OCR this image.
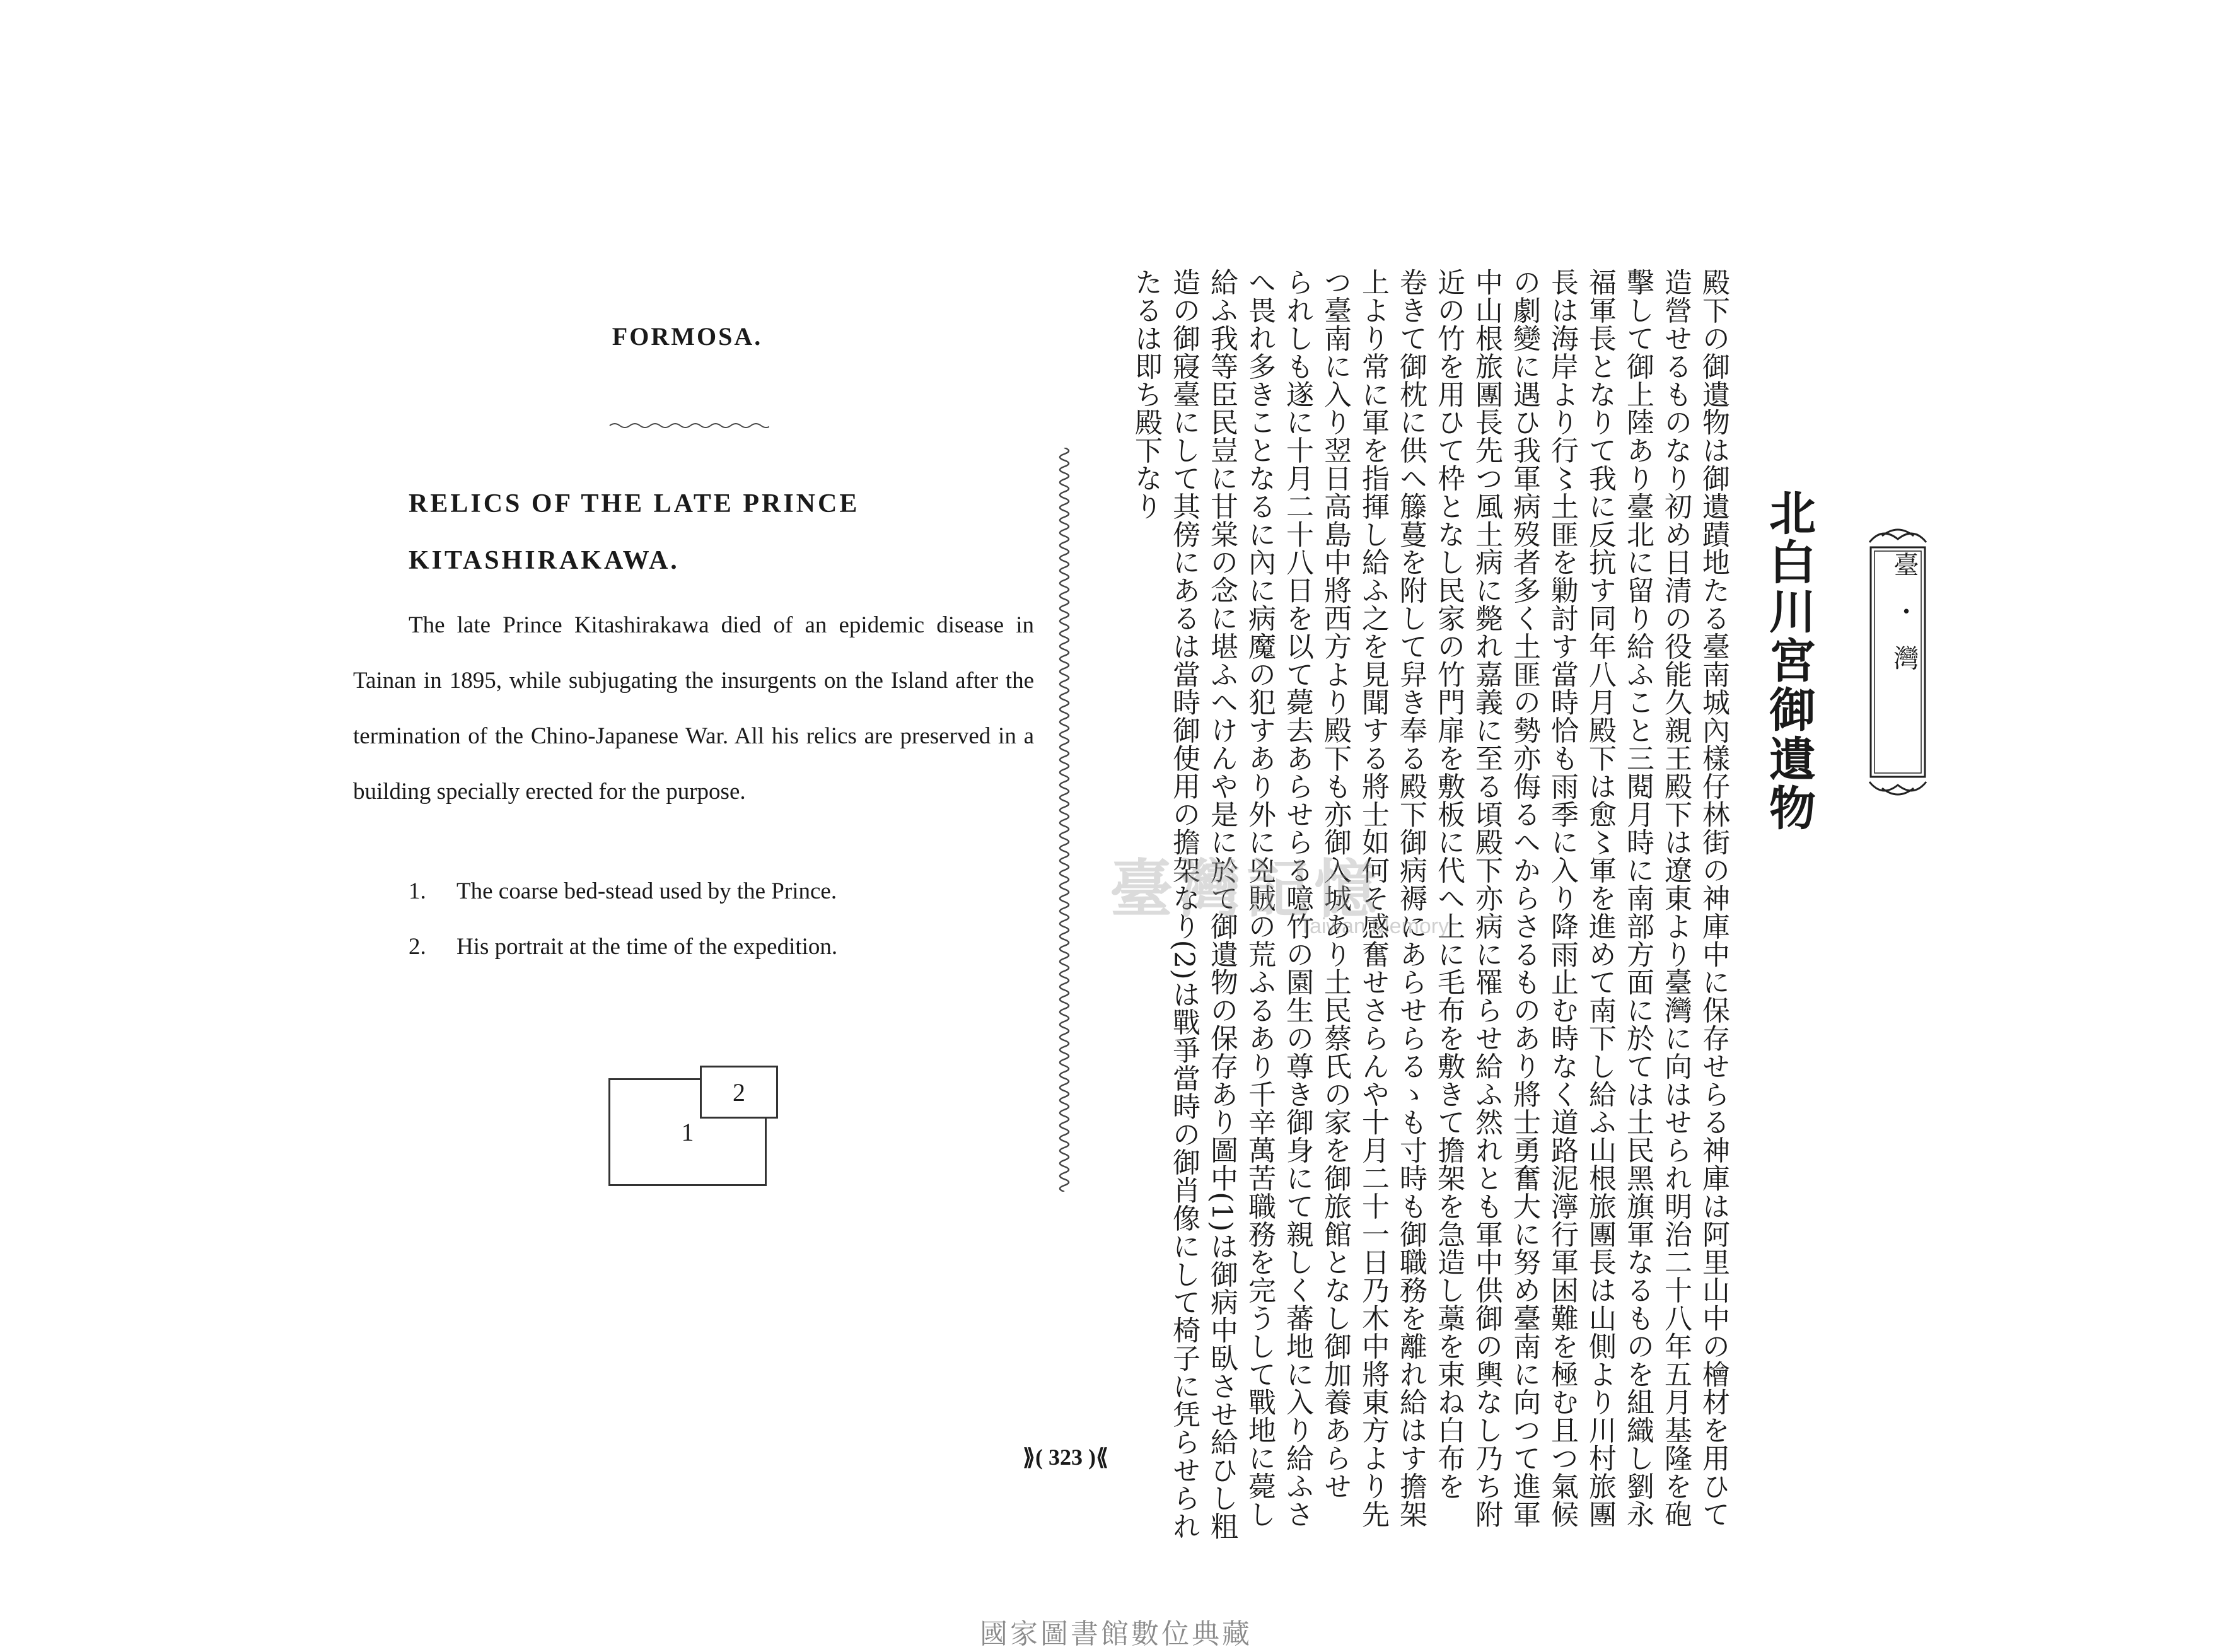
FORMOSA.
RELICS OF THE LATE PRINCE
KITASHIRAKAWA.
The late Prince Kitashirakawa died of an epidemic disease in Tainan in 1895, while subjugating the insurgents on the Island after the termination of the Chino-Japanese War. All his relics are preserved in a building specially erected for the purpose.
1. The coarse bed-stead used by the Prince.
2. His portrait at the time of the expedition.
1
2
臺・灣
北白川宮御遺物
殿下の御遺物は御遺蹟地たる臺南城內樣仔林街の神庫中に保存せらる神庫は阿里山中の檜材を用ひて
造營せるものなり初め日清の役能久親王殿下は遼東より臺灣に向はせられ明治二十八年五月基隆を砲
擊して御上陸あり臺北に留り給ふこと三閱月時に南部方面に於ては土民黑旗軍なるものを組織し劉永
福軍長となりて我に反抗す同年八月殿下は愈〻軍を進めて南下し給ふ山根旅團長は山側より川村旅團
長は海岸より行〻土匪を勦討す當時恰も雨季に入り降雨止む時なく道路泥濘行軍困難を極む且つ氣候
の劇變に遇ひ我軍病歿者多く土匪の勢亦侮るへからさるものあり將士勇奮大に努め臺南に向つて進軍
中山根旅團長先つ風土病に斃れ嘉義に至る頃殿下亦病に罹らせ給ふ然れとも軍中供御の輿なし乃ち附
近の竹を用ひて枠となし民家の竹門扉を敷板に代へ上に毛布を敷きて擔架を急造し藁を束ね白布を
卷きて御枕に供へ籐蔓を附して舁き奉る殿下御病褥にあらせらるゝも寸時も御職務を離れ給はす擔架
上より常に軍を指揮し給ふ之を見聞する將士如何そ感奮せさらんや十月二十一日乃木中將東方より先
つ臺南に入り翌日高島中將西方より殿下も亦御入城あり土民蔡氏の家を御旅館となし御加養あらせ
られしも遂に十月二十八日を以て薨去あらせらる噫竹の園生の尊き御身にて親しく蕃地に入り給ふさ
へ畏れ多きことなるに內に病魔の犯すあり外に兇賊の荒ふるあり千辛萬苦職務を完うして戰地に薨し
給ふ我等臣民豈に甘棠の念に堪ふへけんや是に於て御遺物の保存あり圖中(1)は御病中臥させ給ひし粗
造の御寢臺にして其傍にあるは當時御使用の擔架なり(2)は戰爭當時の御肖像にして椅子に凭らせられ
たるは即ち殿下なり
臺灣記憶
Taiwan Memory
⟫( 323 )⟪
國家圖書館數位典藏
